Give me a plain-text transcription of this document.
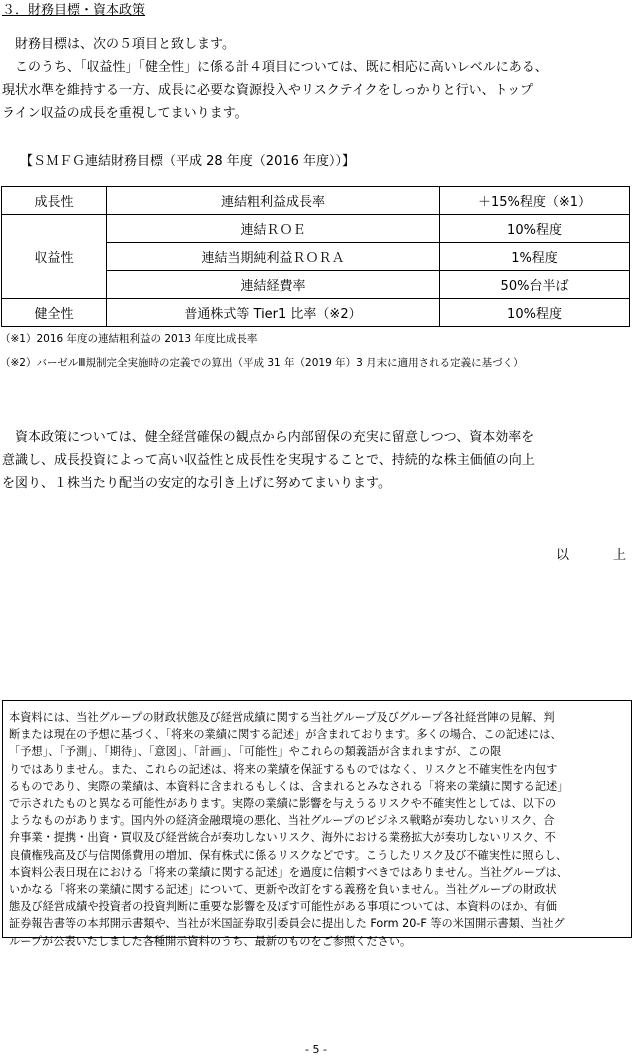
３．財務目標・資本政策

　財務目標は、次の５項目と致します。

　このうち、「収益性」「健全性」に係る計４項目については、既に相応に高いレベルにある、

現状水準を維持する一方、成長に必要な資源投入やリスクテイクをしっかりと行い、トップ

ライン収益の成長を重視してまいります。

【ＳＭＦＧ連結財務目標（平成 28 年度（2016 年度））】
成長性	連結粗利益成長率	＋15%程度（※1）
収益性	連結ＲＯＥ	10%程度
	連結当期純利益ＲＯＲＡ	1%程度
	連結経費率	50%台半ば
健全性	普通株式等 Tier1 比率（※2）	10%程度
（※1）2016 年度の連結粗利益の 2013 年度比成長率
（※2）バーゼルⅢ規制完全実施時の定義での算出（平成 31 年（2019 年）3 月末に適用される定義に基づく）

　資本政策については、健全経営確保の観点から内部留保の充実に留意しつつ、資本効率を

意識し、成長投資によって高い収益性と成長性を実現することで、持続的な株主価値の向上

を図り、１株当たり配当の安定的な引き上げに努めてまいります。

以	上

本資料には、当社グループの財政状態及び経営成績に関する当社グループ及びグループ各社経営陣の見解、判

断または現在の予想に基づく、「将来の業績に関する記述」が含まれております。多くの場合、この記述には、

「予想」、「予測」、「期待」、「意図」、「計画」、「可能性」やこれらの類義語が含まれますが、この限

りではありません。また、これらの記述は、将来の業績を保証するものではなく、リスクと不確実性を内包す

るものであり、実際の業績は、本資料に含まれるもしくは、含まれるとみなされる「将来の業績に関する記述」

で示されたものと異なる可能性があります。実際の業績に影響を与えうるリスクや不確実性としては、以下の

ようなものがあります。国内外の経済金融環境の悪化、当社グループのビジネス戦略が奏功しないリスク、合

弁事業・提携・出資・買収及び経営統合が奏功しないリスク、海外における業務拡大が奏功しないリスク、不

良債権残高及び与信関係費用の増加、保有株式に係るリスクなどです。こうしたリスク及び不確実性に照らし、

本資料公表日現在における「将来の業績に関する記述」を過度に信頼すべきではありません。当社グループは、

いかなる「将来の業績に関する記述」について、更新や改訂をする義務を負いません。当社グループの財政状

態及び経営成績や投資者の投資判断に重要な影響を及ぼす可能性がある事項については、本資料のほか、有価

証券報告書等の本邦開示書類や、当社が米国証券取引委員会に提出した Form 20-F 等の米国開示書類、当社グ

ループが公表いたしました各種開示資料のうち、最新のものをご参照ください。

- 5 -
